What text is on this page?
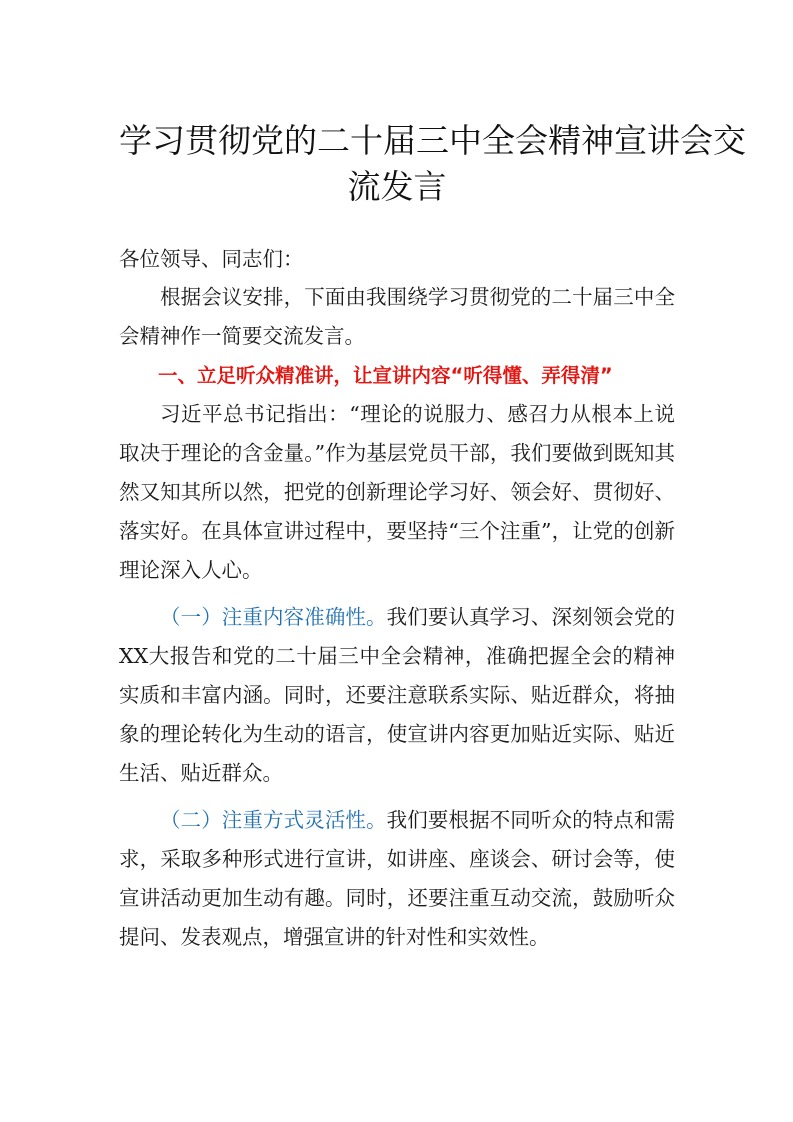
学习贯彻党的二十届三中全会精神宣讲会交
流发言

各位领导、同志们：

根据会议安排，下面由我围绕学习贯彻党的二十届三中全会精神作一简要交流发言。

一、立足听众精准讲，让宣讲内容“听得懂、弄得清”

习近平总书记指出：“理论的说服力、感召力从根本上说取决于理论的含金量。”作为基层党员干部，我们要做到既知其然又知其所以然，把党的创新理论学习好、领会好、贯彻好、落实好。在具体宣讲过程中，要坚持“三个注重”，让党的创新理论深入人心。

（一）注重内容准确性。我们要认真学习、深刻领会党的XX大报告和党的二十届三中全会精神，准确把握全会的精神实质和丰富内涵。同时，还要注意联系实际、贴近群众，将抽象的理论转化为生动的语言，使宣讲内容更加贴近实际、贴近生活、贴近群众。

（二）注重方式灵活性。我们要根据不同听众的特点和需求，采取多种形式进行宣讲，如讲座、座谈会、研讨会等，使宣讲活动更加生动有趣。同时，还要注重互动交流，鼓励听众提问、发表观点，增强宣讲的针对性和实效性。
